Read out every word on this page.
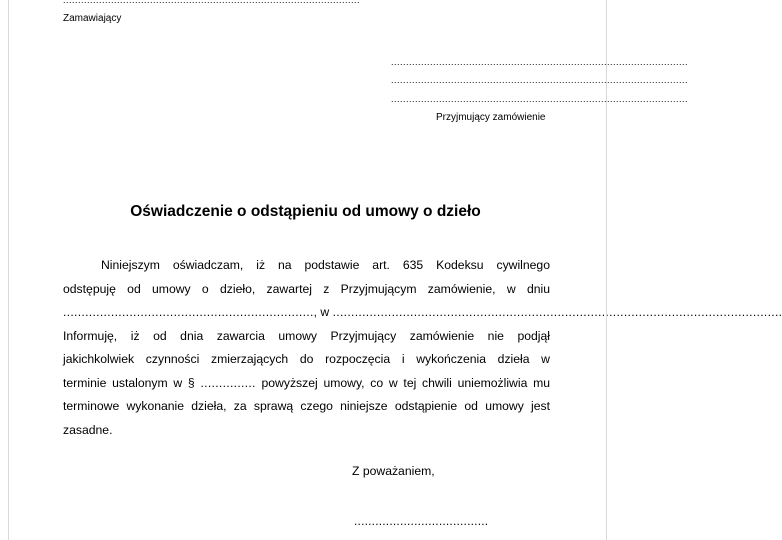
...................................................................................................
Zamawiający
...................................................................................................
...................................................................................................
...................................................................................................
Przyjmujący zamówienie
Oświadczenie o odstąpieniu od umowy o dzieło

Niniejszym oświadczam, iż na podstawie art. 635 Kodeksu cywilnego

odstępuję od umowy o dzieło, zawartej z Przyjmującym zamówienie, w dniu

...................................................................., w ..........................................................................................................................

Informuję, iż od dnia zawarcia umowy Przyjmujący zamówienie nie podjął

jakichkolwiek czynności zmierzających do rozpoczęcia i wykończenia dzieła w

terminie ustalonym w § ............... powyższej umowy, co w tej chwili uniemożliwia mu

terminowe wykonanie dzieła, za sprawą czego niniejsze odstąpienie od umowy jest

zasadne.

Z poważaniem,
......................................
